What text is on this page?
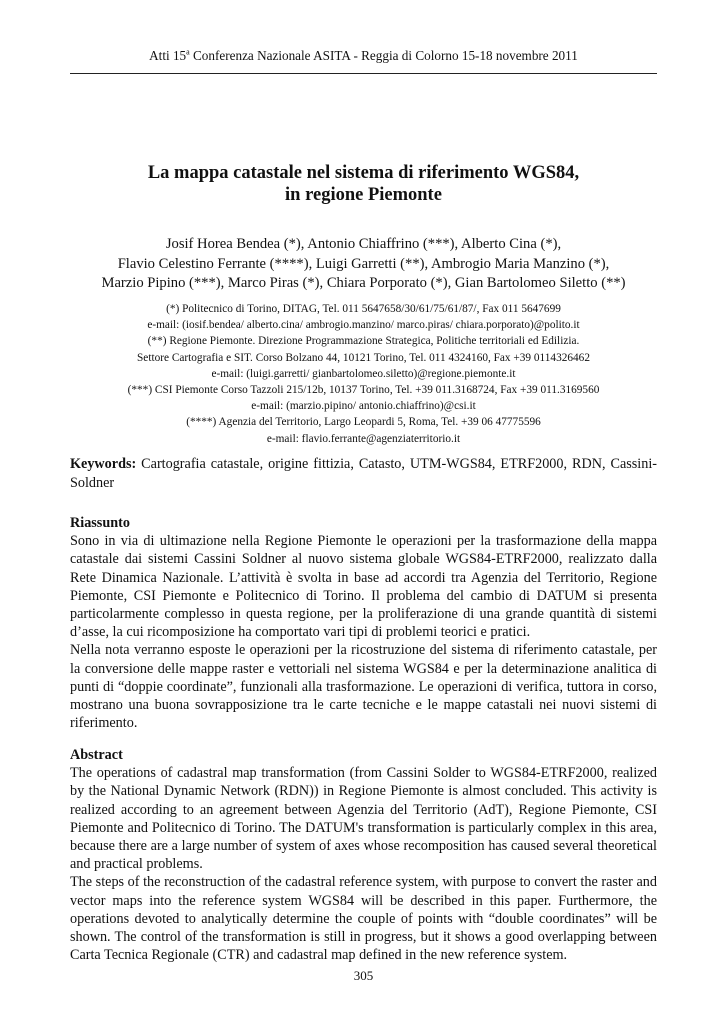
Atti 15$^a$ Conferenza Nazionale ASITA - Reggia di Colorno 15-18 novembre 2011
La mappa catastale nel sistema di riferimento WGS84,
in regione Piemonte
Josif Horea Bendea (*), Antonio Chiaffrino (***), Alberto Cina (*),
Flavio Celestino Ferrante (****), Luigi Garretti (**), Ambrogio Maria Manzino (*),
Marzio Pipino (***), Marco Piras (*), Chiara Porporato (*), Gian Bartolomeo Siletto (**)
(*) Politecnico di Torino, DITAG, Tel. 011 5647658/30/61/75/61/87/, Fax 011 5647699
e-mail: (iosif.bendea/ alberto.cina/ ambrogio.manzino/ marco.piras/ chiara.porporato)@polito.it
(**) Regione Piemonte. Direzione Programmazione Strategica, Politiche territoriali ed Edilizia.
Settore Cartografia e SIT. Corso Bolzano 44, 10121 Torino, Tel. 011 4324160, Fax +39 0114326462
e-mail: (luigi.garretti/ gianbartolomeo.siletto)@regione.piemonte.it
(***) CSI Piemonte Corso Tazzoli 215/12b, 10137 Torino, Tel. +39 011.3168724, Fax +39 011.3169560
e-mail: (marzio.pipino/ antonio.chiaffrino)@csi.it
(****) Agenzia del Territorio, Largo Leopardi 5, Roma, Tel. +39 06 47775596
e-mail: flavio.ferrante@agenziaterritorio.it
Keywords: Cartografia catastale, origine fittizia, Catasto, UTM-WGS84, ETRF2000, RDN, Cassini-Soldner
Riassunto

Sono in via di ultimazione nella Regione Piemonte le operazioni per la trasformazione della mappa catastale dai sistemi Cassini Soldner al nuovo sistema globale WGS84-ETRF2000, realizzato dalla Rete Dinamica Nazionale. L’attività è svolta in base ad accordi tra Agenzia del Territorio, Regione Piemonte, CSI Piemonte e Politecnico di Torino. Il problema del cambio di DATUM si presenta particolarmente complesso in questa regione, per la proliferazione di una grande quantità di sistemi d’asse, la cui ricomposizione ha comportato vari tipi di problemi teorici e pratici.

Nella nota verranno esposte le operazioni per la ricostruzione del sistema di riferimento catastale, per la conversione delle mappe raster e vettoriali nel sistema WGS84 e per la determinazione analitica di punti di “doppie coordinate”, funzionali alla trasformazione. Le operazioni di verifica, tuttora in corso, mostrano una buona sovrapposizione tra le carte tecniche e le mappe catastali nei nuovi sistemi di riferimento.

Abstract

The operations of cadastral map transformation (from Cassini Solder to WGS84-ETRF2000, realized by the National Dynamic Network (RDN)) in Regione Piemonte is almost concluded. This activity is realized according to an agreement between Agenzia del Territorio (AdT), Regione Piemonte, CSI Piemonte and Politecnico di Torino. The DATUM's transformation is particularly complex in this area, because there are a large number of system of axes whose recomposition has caused several theoretical and practical problems.

The steps of the reconstruction of the cadastral reference system, with purpose to convert the raster and vector maps into the reference system WGS84 will be described in this paper. Furthermore, the operations devoted to analytically determine the couple of points with “double coordinates” will be shown. The control of the transformation is still in progress, but it shows a good overlapping between Carta Tecnica Regionale (CTR) and cadastral map defined in the new reference system.

305
